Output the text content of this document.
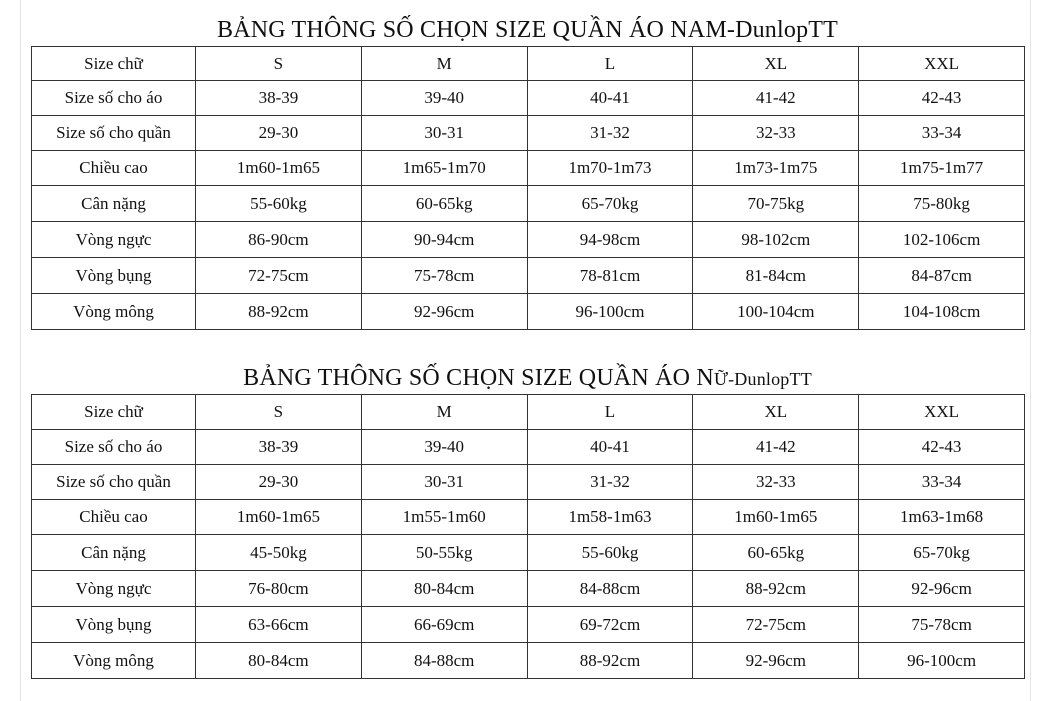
BẢNG THÔNG SỐ CHỌN SIZE QUẦN ÁO NAM-DunlopTT
Size chữ	S	M	L	XL	XXL
Size số cho áo	38-39	39-40	40-41	41-42	42-43
Size số cho quần	29-30	30-31	31-32	32-33	33-34
Chiều cao	1m60-1m65	1m65-1m70	1m70-1m73	1m73-1m75	1m75-1m77
Cân nặng	55-60kg	60-65kg	65-70kg	70-75kg	75-80kg
Vòng ngực	86-90cm	90-94cm	94-98cm	98-102cm	102-106cm
Vòng bụng	72-75cm	75-78cm	78-81cm	81-84cm	84-87cm
Vòng mông	88-92cm	92-96cm	96-100cm	100-104cm	104-108cm
BẢNG THÔNG SỐ CHỌN SIZE QUẦN ÁO NỮ-DunlopTT
Size chữ	S	M	L	XL	XXL
Size số cho áo	38-39	39-40	40-41	41-42	42-43
Size số cho quần	29-30	30-31	31-32	32-33	33-34
Chiều cao	1m60-1m65	1m55-1m60	1m58-1m63	1m60-1m65	1m63-1m68
Cân nặng	45-50kg	50-55kg	55-60kg	60-65kg	65-70kg
Vòng ngực	76-80cm	80-84cm	84-88cm	88-92cm	92-96cm
Vòng bụng	63-66cm	66-69cm	69-72cm	72-75cm	75-78cm
Vòng mông	80-84cm	84-88cm	88-92cm	92-96cm	96-100cm
